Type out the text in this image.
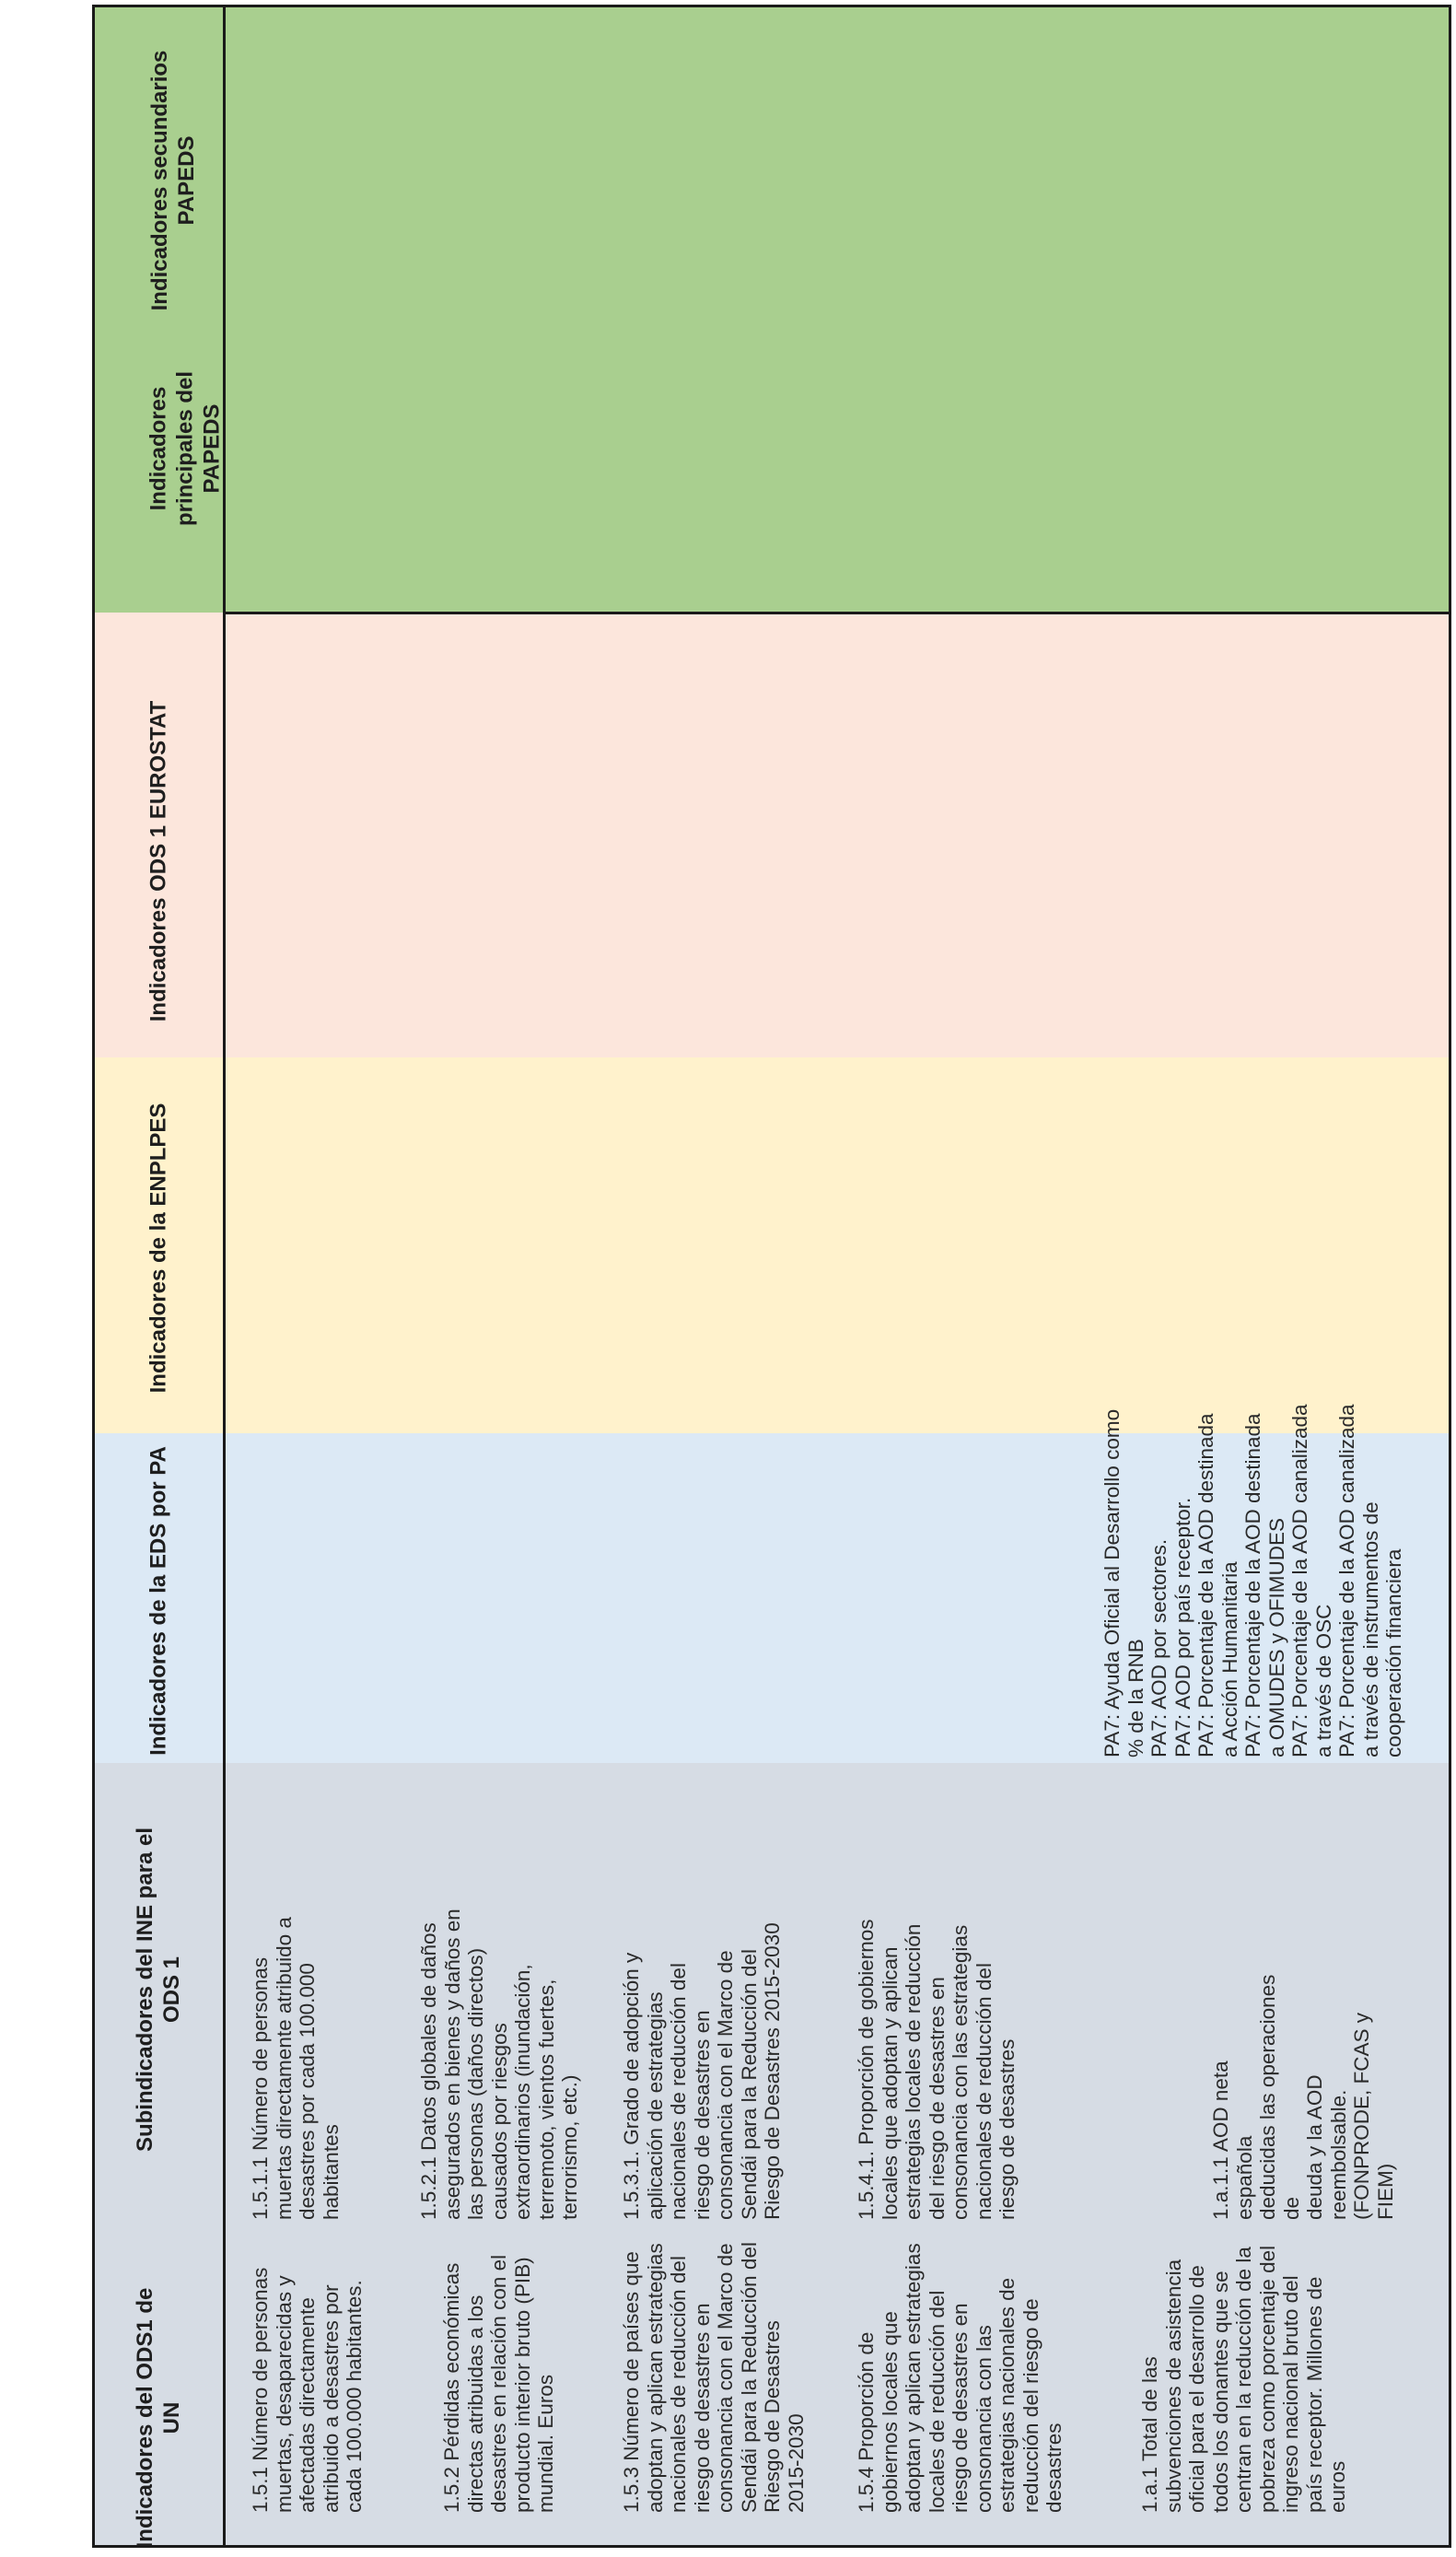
Indicadores del ODS1 de
UN
Subindicadores del INE para el
ODS 1
Indicadores de la EDS por PA
Indicadores de la ENPLPES
Indicadores ODS 1 EUROSTAT
Indicadores
principales del
PAPEDS
Indicadores secundarios
PAPEDS
1.5.1 Número de personas
muertas, desaparecidas y
afectadas directamente
atribuido a desastres por
cada 100.000 habitantes.
1.5.2 Pérdidas económicas
directas atribuidas a los
desastres en relación con el
producto interior bruto (PIB)
mundial. Euros
1.5.3 Número de países que
adoptan y aplican estrategias
nacionales de reducción del
riesgo de desastres en
consonancia con el Marco de
Sendái para la Reducción del
Riesgo de Desastres
2015-2030 1.5.4 Proporción de
gobiernos locales que
adoptan y aplican estrategias
locales de reducción del
riesgo de desastres en
consonancia con las
estrategias nacionales de
reducción del riesgo de
desastres	1.a.1 Total de las
subvenciones de asistencia
oficial para el desarrollo de
todos los donantes que se
centran en la reducción de la
pobreza como porcentaje del
ingreso nacional bruto del
país receptor. Millones de
euros
1.5.1.1 Número de personas
muertas directamente atribuido a
desastres por cada 100.000
habitantes	1.5.2.1 Datos globales de daños
asegurados en bienes y daños en
las personas (daños directos)
causados por riesgos
extraordinarios (inundación,
terremoto, vientos fuertes,
terrorismo, etc.)
1.5.3.1. Grado de adopción y
aplicación de estrategias
nacionales de reducción del
riesgo de desastres en
consonancia con el Marco de
Sendái para la Reducción del
Riesgo de Desastres 2015-2030
1.5.4.1. Proporción de gobiernos
locales que adoptan y aplican
estrategias locales de reducción
del riesgo de desastres en
consonancia con las estrategias
nacionales de reducción del
riesgo de desastres
1.a.1.1 AOD neta española
deducidas las operaciones de
deuda y la AOD reembolsable.
(FONPRODE, FCAS y FIEM)
PA7: Ayuda Oficial al Desarrollo como
% de la RNB
PA7: AOD por sectores.
PA7: AOD por país receptor.
PA7: Porcentaje de la AOD destinada
a Acción Humanitaria
PA7: Porcentaje de la AOD destinada
a OMUDES y OFIMUDES
PA7: Porcentaje de la AOD canalizada
a través de OSC
PA7: Porcentaje de la AOD canalizada
a través de instrumentos de
cooperación financiera
